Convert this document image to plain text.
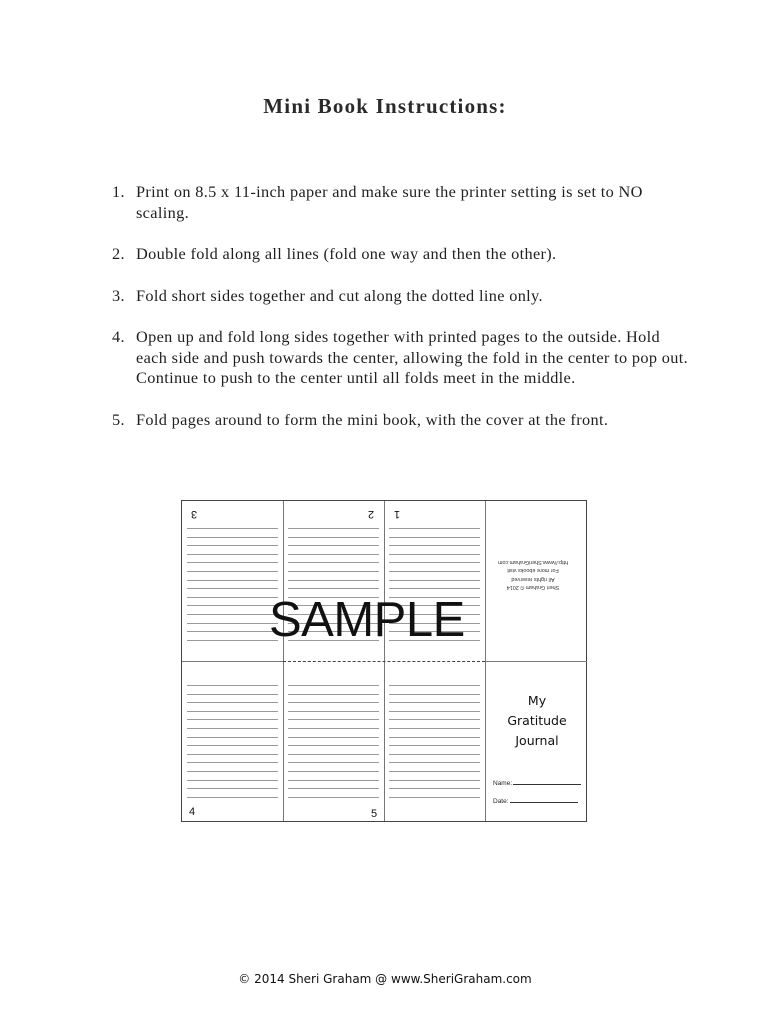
Mini Book Instructions:
1. Print on 8.5 x 11-inch paper and make sure the printer setting is set to NO scaling.
2. Double fold along all lines (fold one way and then the other).
3. Fold short sides together and cut along the dotted line only.
4. Open up and fold long sides together with printed pages to the outside. Hold each side and push towards the center, allowing the fold in the center to pop out. Continue to push to the center until all folds meet in the middle.
5. Fold pages around to form the mini book, with the cover at the front.
3	2 1
Sheri Graham © 2014
All rights reserved
For more ebooks visit
http://www.SheriGraham.com
4	5
My
Gratitude
Journal
Name:
Date:
SAMPLE
© 2014 Sheri Graham @ www.SheriGraham.com
